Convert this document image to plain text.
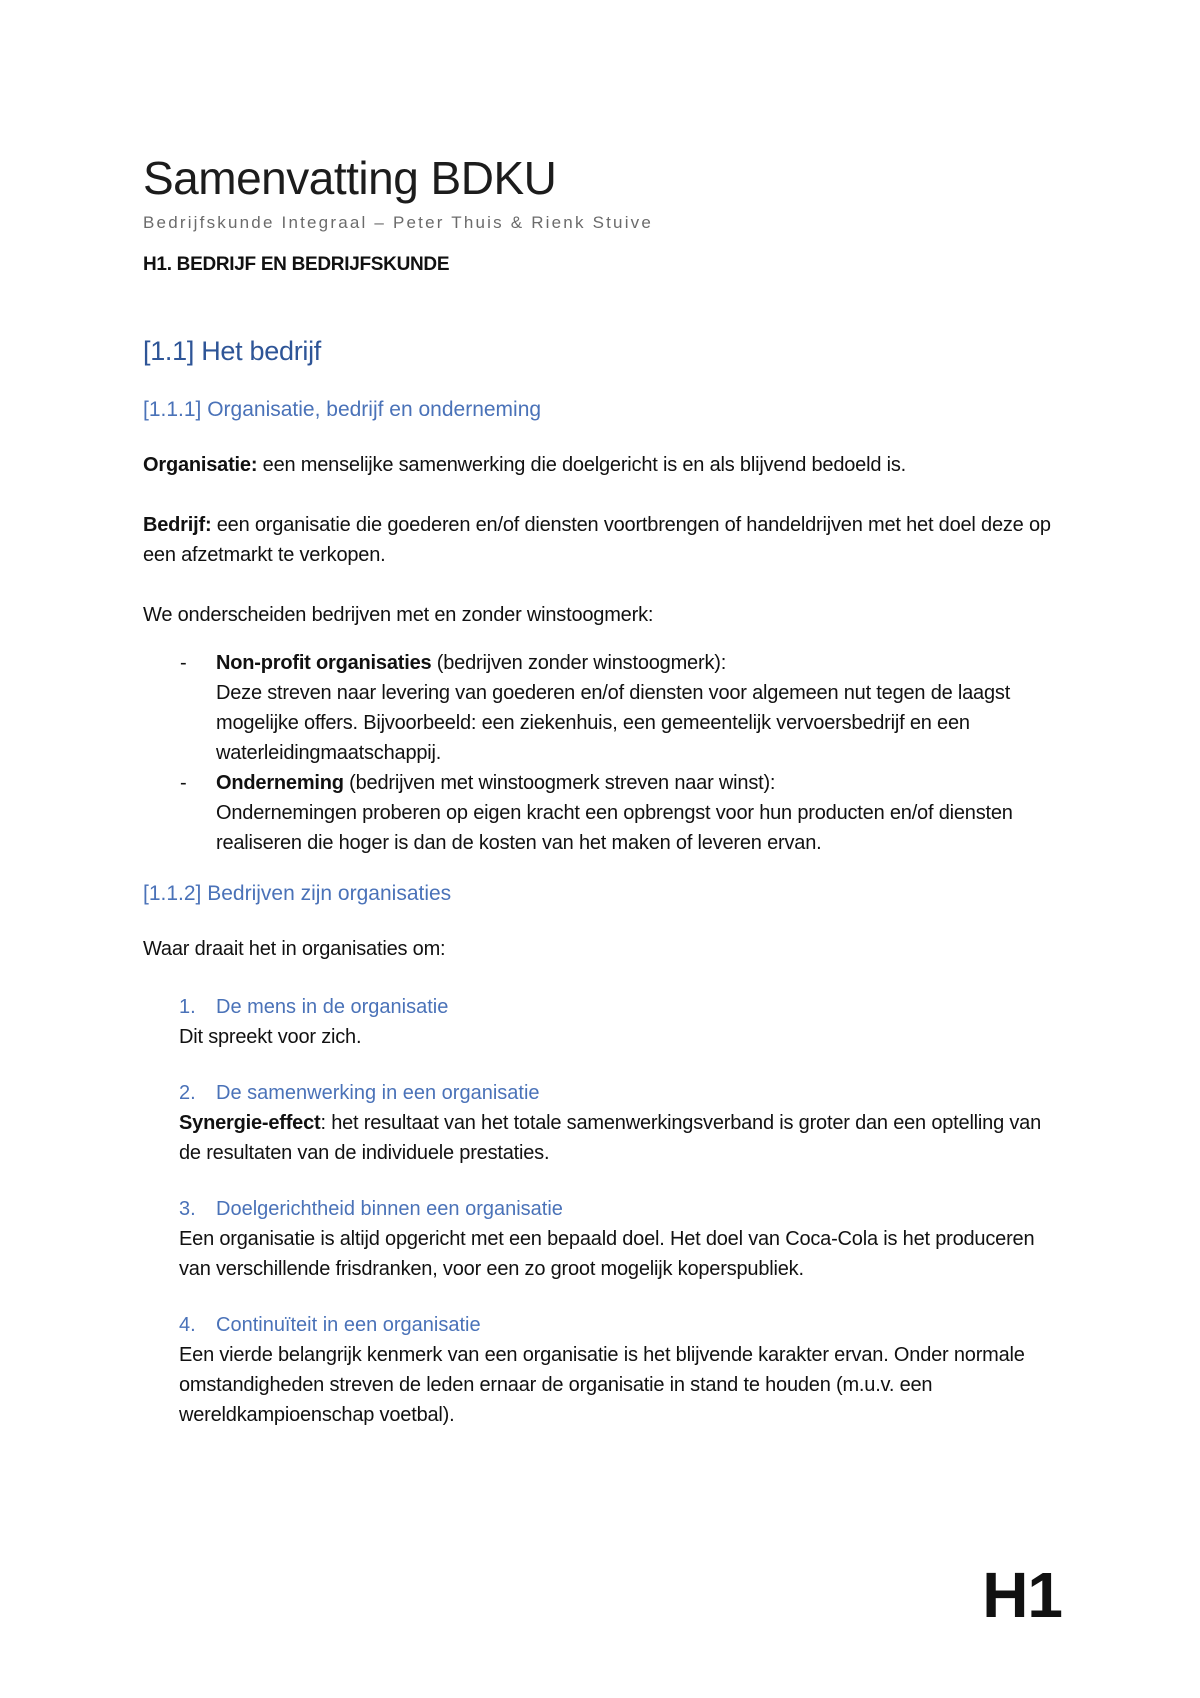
Samenvatting BDKU
Bedrijfskunde Integraal – Peter Thuis & Rienk Stuive
H1. BEDRIJF EN BEDRIJFSKUNDE
[1.1] Het bedrijf
[1.1.1] Organisatie, bedrijf en onderneming

Organisatie: een menselijke samenwerking die doelgericht is en als blijvend bedoeld is.

Bedrijf: een organisatie die goederen en/of diensten voortbrengen of handeldrijven met het doel deze op een afzetmarkt te verkopen.

We onderscheiden bedrijven met en zonder winstoogmerk:

- Non-profit organisaties (bedrijven zonder winstoogmerk):
Deze streven naar levering van goederen en/of diensten voor algemeen nut tegen de laagst mogelijke offers. Bijvoorbeeld: een ziekenhuis, een gemeentelijk vervoersbedrijf en een waterleidingmaatschappij.
- Onderneming (bedrijven met winstoogmerk streven naar winst):
Ondernemingen proberen op eigen kracht een opbrengst voor hun producten en/of diensten realiseren die hoger is dan de kosten van het maken of leveren ervan.
[1.1.2] Bedrijven zijn organisaties

Waar draait het in organisaties om:

1. De mens in de organisatie

Dit spreekt voor zich.

2. De samenwerking in een organisatie

Synergie-effect: het resultaat van het totale samenwerkingsverband is groter dan een optelling van de resultaten van de individuele prestaties.

3. Doelgerichtheid binnen een organisatie

Een organisatie is altijd opgericht met een bepaald doel. Het doel van Coca-Cola is het produceren van verschillende frisdranken, voor een zo groot mogelijk koperspubliek.

4. Continuïteit in een organisatie

Een vierde belangrijk kenmerk van een organisatie is het blijvende karakter ervan. Onder normale omstandigheden streven de leden ernaar de organisatie in stand te houden (m.u.v. een wereldkampioenschap voetbal).

H1
